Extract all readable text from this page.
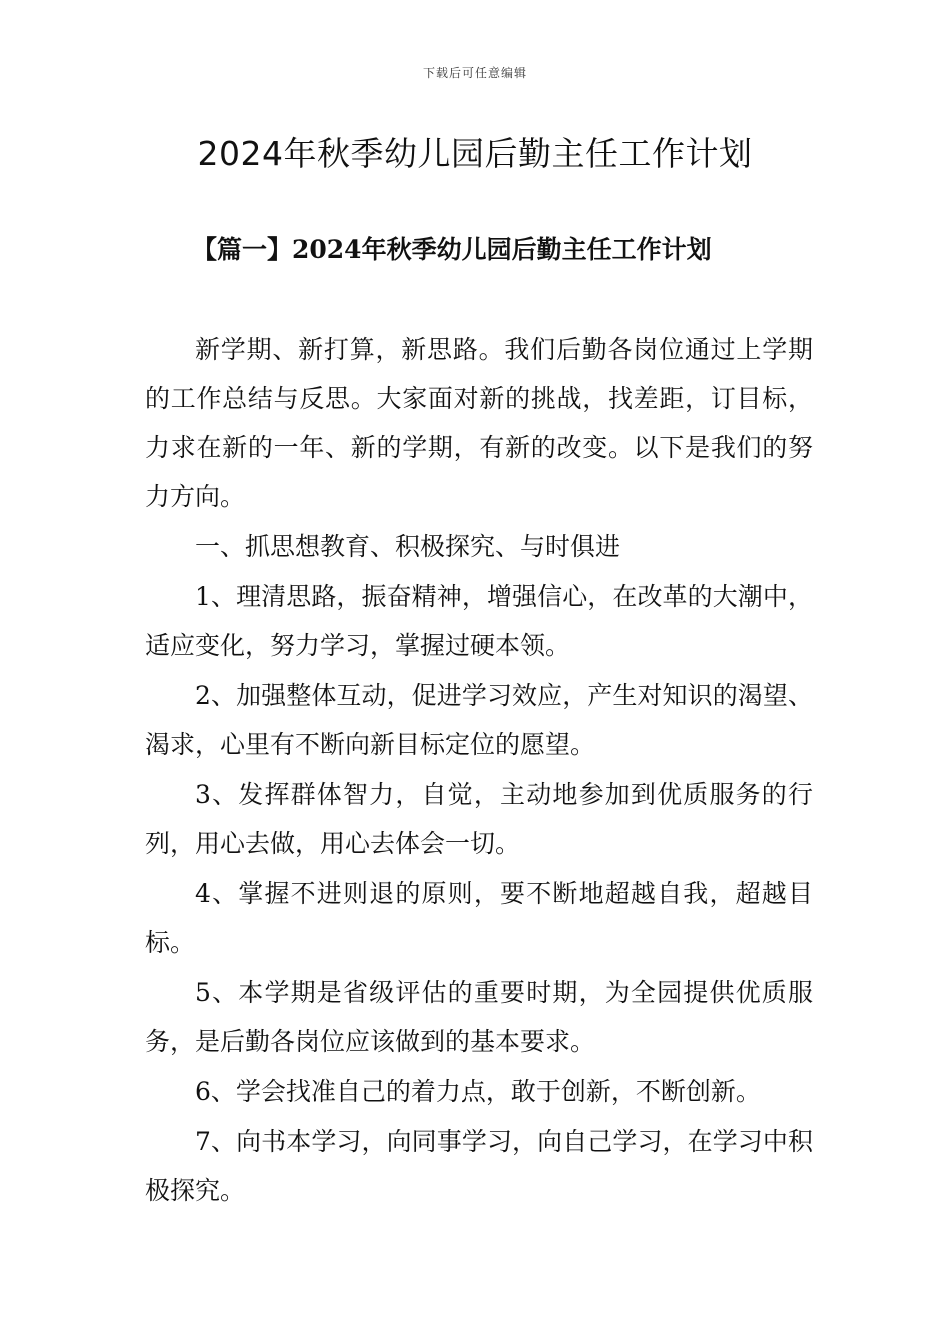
下载后可任意编辑
2024年秋季幼儿园后勤主任工作计划
【篇一】2024年秋季幼儿园后勤主任工作计划

新学期、新打算，新思路。我们后勤各岗位通过上学期的工作总结与反思。大家面对新的挑战，找差距，订目标，力求在新的一年、新的学期，有新的改变。以下是我们的努力方向。

一、抓思想教育、积极探究、与时俱进

1、理清思路，振奋精神，增强信心，在改革的大潮中，适应变化，努力学习，掌握过硬本领。

2、加强整体互动，促进学习效应，产生对知识的渴望、渴求，心里有不断向新目标定位的愿望。

3、发挥群体智力，自觉，主动地参加到优质服务的行列，用心去做，用心去体会一切。

4、掌握不进则退的原则，要不断地超越自我，超越目标。

5、本学期是省级评估的重要时期，为全园提供优质服务，是后勤各岗位应该做到的基本要求。

6、学会找准自己的着力点，敢于创新，不断创新。

7、向书本学习，向同事学习，向自己学习，在学习中积极探究。
